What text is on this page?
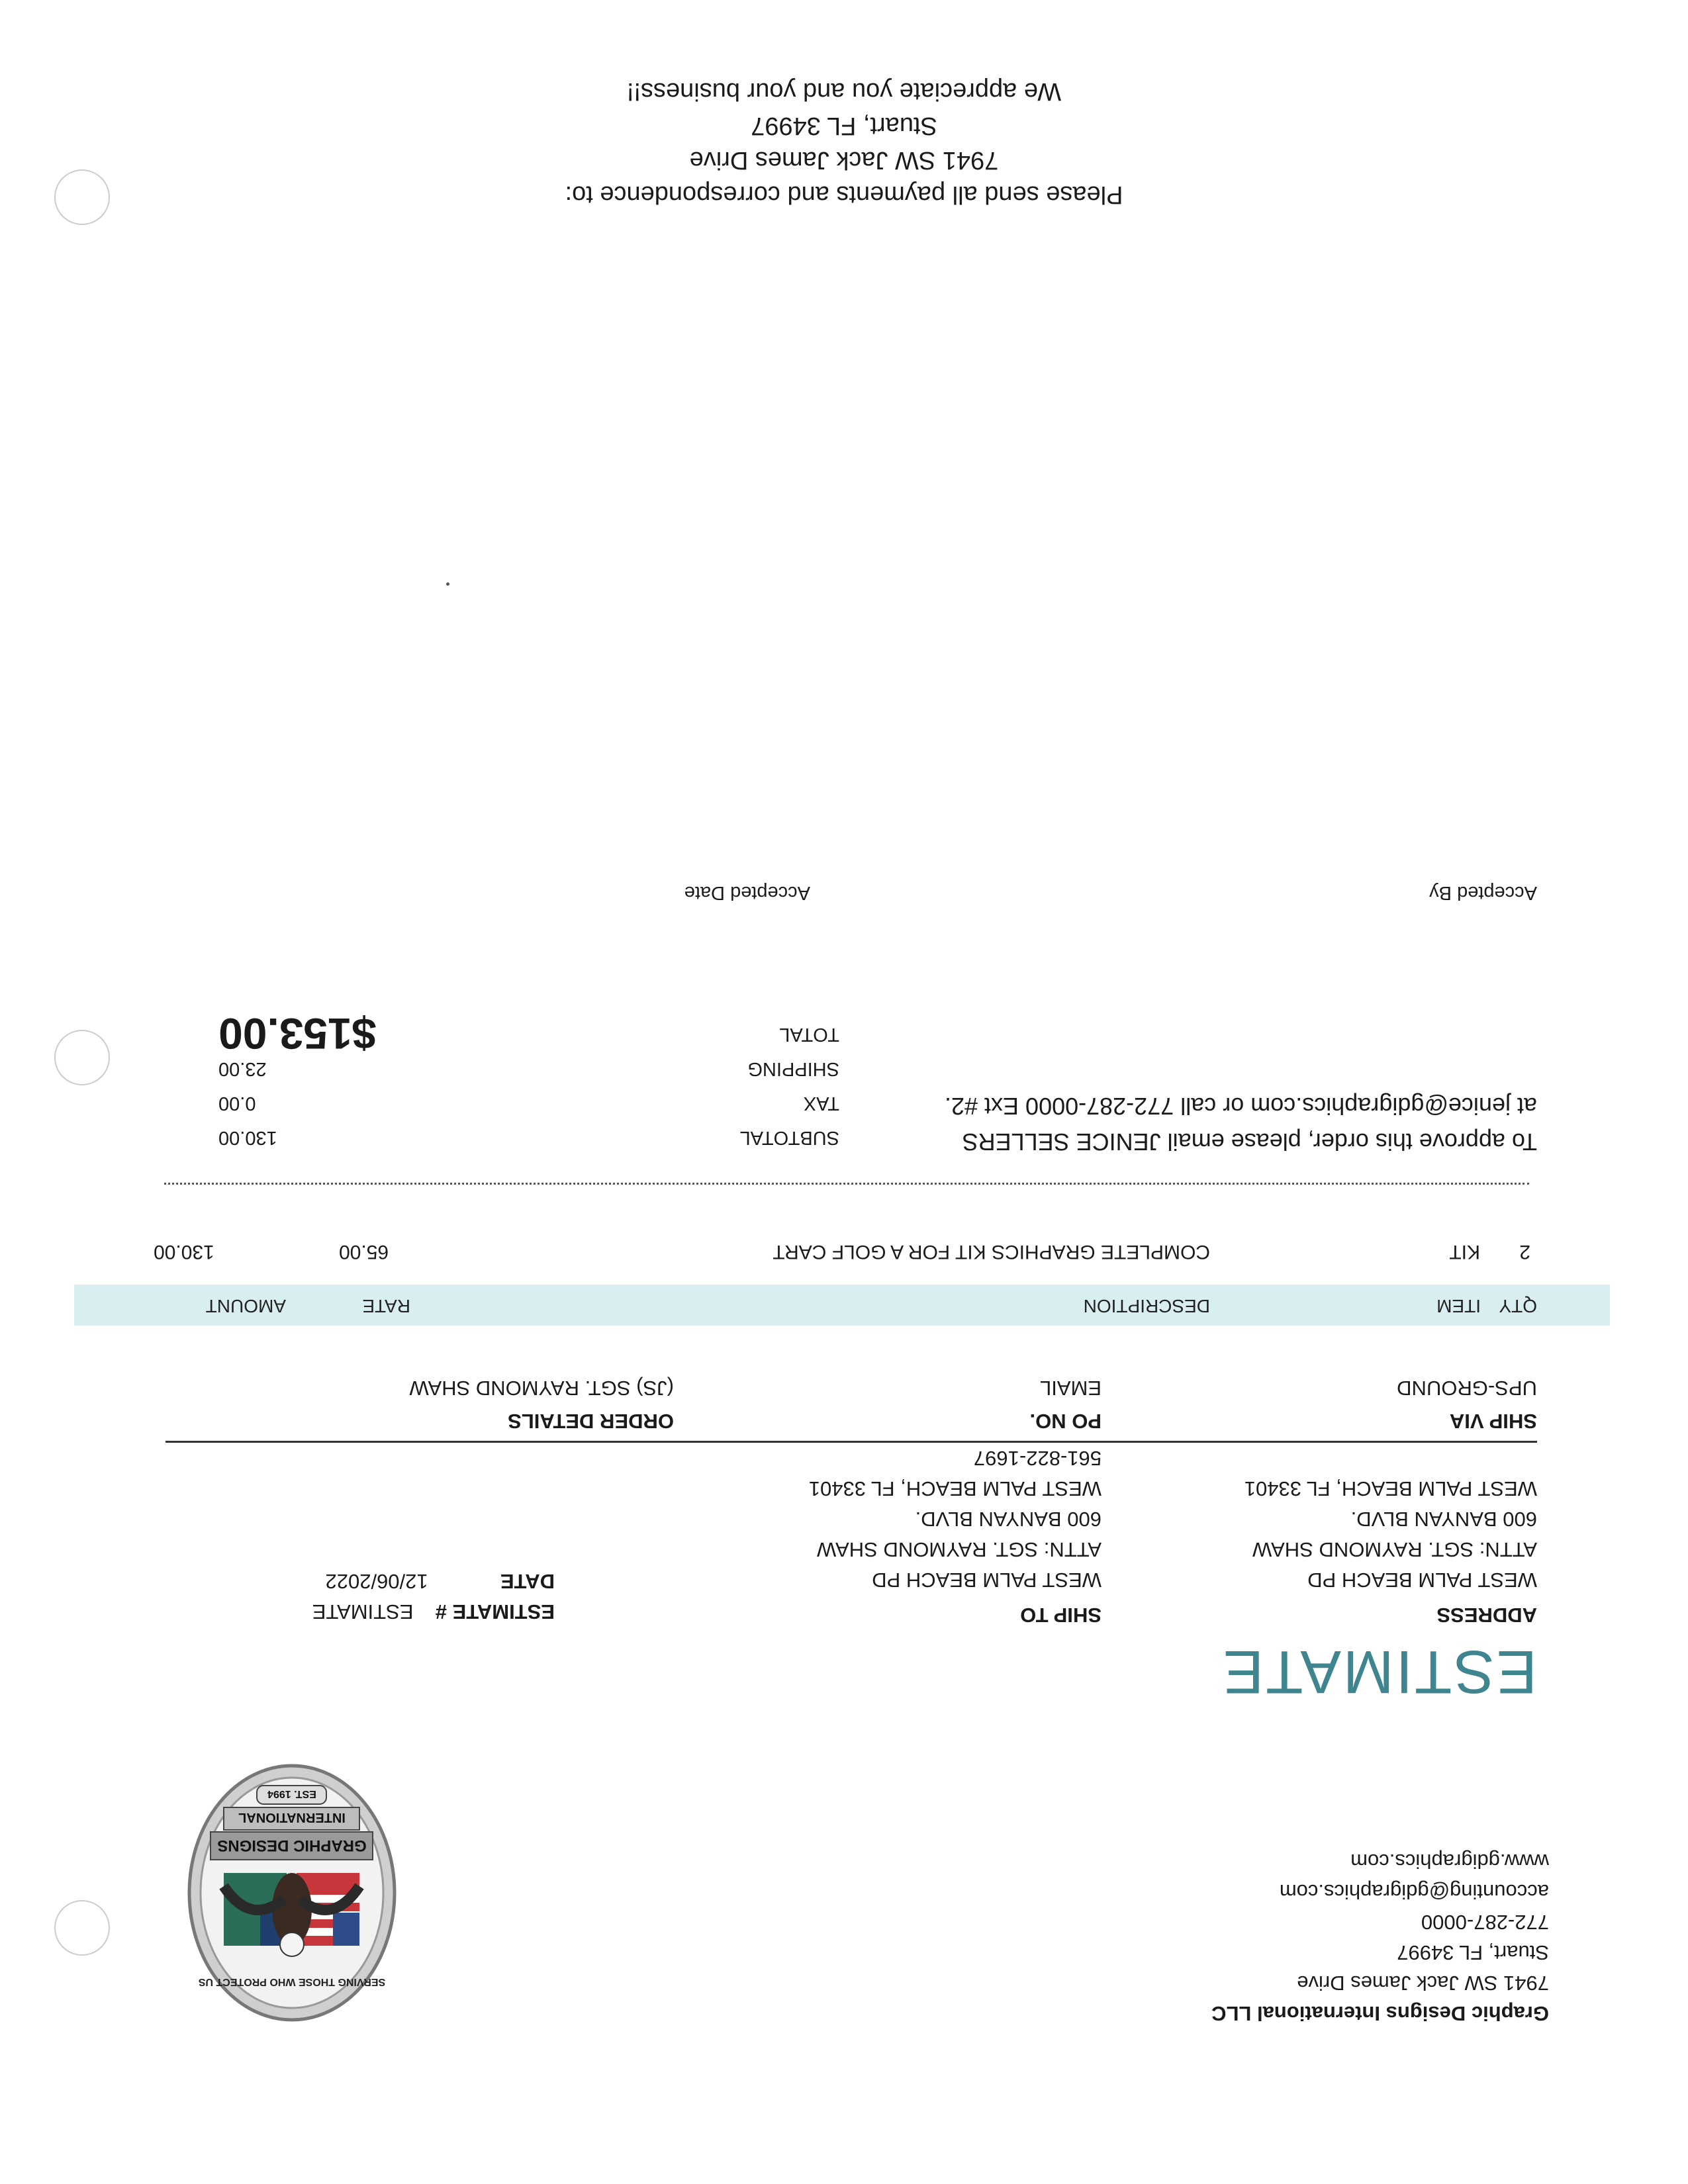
Graphic Designs International LLC
7941 SW Jack James Drive
Stuart, FL 34997
772-287-0000
accounting@gdigraphics.com
www.gdigraphics.com
SERVING THOSE WHO PROTECT US
GRAPHIC DESIGNS
INTERNATIONAL
EST. 1994
ESTIMATE
ADDRESS
WEST PALM BEACH PD
ATTN: SGT. RAYMOND SHAW
600 BANYAN BLVD.
WEST PALM BEACH, FL 33401
SHIP TO
WEST PALM BEACH PD
ATTN: SGT. RAYMOND SHAW
600 BANYAN BLVD.
WEST PALM BEACH, FL 33401
561-822-1697
ESTIMATE #  ESTIMATE
DATE  12/06/2022
SHIP VIA
UPS-GROUND
PO NO.
EMAIL
ORDER DETAILS
(JS) SGT. RAYMOND SHAW
QTY
ITEM
DESCRIPTION
RATE
AMOUNT
2
KIT
COMPLETE GRAPHICS KIT FOR A GOLF CART
65.00
130.00
To approve this order, please email JENICE SELLERS
at jenice@gdigraphics.com or call 772-287-0000 Ext #2.
SUBTOTAL
TAX
SHIPPING
TOTAL
130.00
0.00
23.00
$153.00
Accepted By
Accepted Date
Please send all payments and correspondence to:
7941 SW Jack James Drive
Stuart, FL 34997
We appreciate you and your business!!
